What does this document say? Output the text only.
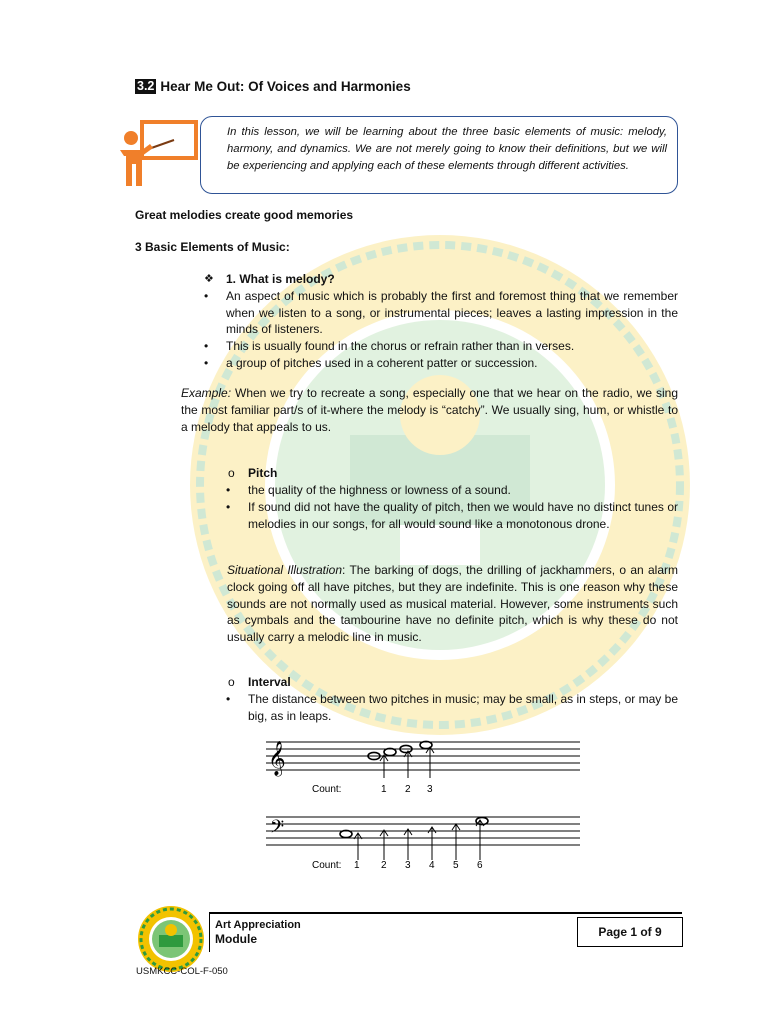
3.2 Hear Me Out: Of Voices and Harmonies
In this lesson, we will be learning about the three basic elements of music: melody, harmony, and dynamics. We are not merely going to know their definitions, but we will be experiencing and applying each of these elements through different activities.
Great melodies create good memories
3 Basic Elements of Music:
❖	1. What is melody?
•	An aspect of music which is probably the first and foremost thing that we remember when we listen to a song, or instrumental pieces; leaves a lasting impression in the minds of listeners.
•	This is usually found in the chorus or refrain rather than in verses.
•	a group of pitches used in a coherent patter or succession.
Example: When we try to recreate a song, especially one that we hear on the radio, we sing the most familiar part/s of it-where the melody is “catchy”. We usually sing, hum, or whistle to a melody that appeals to us.
o	Pitch
•	the quality of the highness or lowness of a sound.
•	If sound did not have the quality of pitch, then we would have no distinct tunes or melodies in our songs, for all would sound like a monotonous drone.
Situational Illustration: The barking of dogs, the drilling of jackhammers, o an alarm clock going off all have pitches, but they are indefinite. This is one reason why these sounds are not normally used as musical material. However, some instruments such as cymbals and the tambourine have no definite pitch, which is why these do not usually carry a melodic line in music.
o	Interval
•	The distance between two pitches in music; may be small, as in steps, or may be big, as in leaps.
𝄞
Count:	1 2 3
𝄢
Count: 1 2 3 4 5 6
Art Appreciation
Module	Page 1 of 9
USMKCC-COL-F-050
